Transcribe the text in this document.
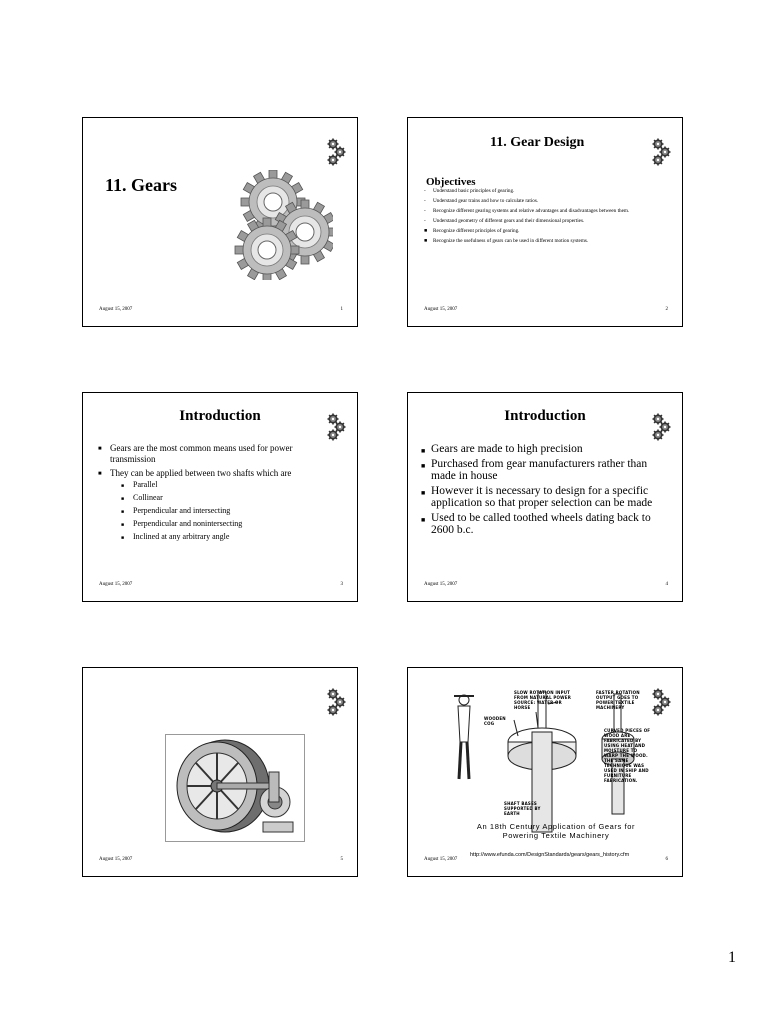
11. Gears
August 15, 2007	1
11. Gear Design
Objectives
- Understand basic principles of gearing.
- Understand gear trains and how to calculate ratios.
- Recognize different gearing systems and relative advantages and disadvantages between them.
- Understand geometry of different gears and their dimensional properties.
■ Recognize different principles of gearing.
■ Recognize the usefulness of gears can be used in different motion systems.
August 15, 2007	2
Introduction
■ Gears are the most common means used for power transmission
■ They can be applied between two shafts which are
■ Parallel
■ Collinear
■ Perpendicular and intersecting
■ Perpendicular and nonintersecting
■ Inclined at any arbitrary angle
August 15, 2007	3
Introduction
■ Gears are made to high precision
■ Purchased from gear manufacturers rather than made in house
■ However it is necessary to design for a specific application so that proper selection can be made
■ Used to be called toothed wheels dating back to 2600 b.c.
August 15, 2007	4
August 15, 2007	5
SLOW ROTATION INPUT FROM NATURAL POWER SOURCE: WATER OR HORSE
FASTER ROTATION OUTPUT GOES TO POWER TEXTILE MACHINERY
WOODEN COG
CURVED PIECES OF WOOD ARE FABRICATED BY USING HEAT AND MOISTURE TO WARP THE WOOD. THE SAME TECHNIQUE WAS USED IN SHIP AND FURNITURE FABRICATION.
SHAFT BASES SUPPORTED BY EARTH
An 18th Century Application of Gears for Powering Textile Machinery
http://www.efunda.com/DesignStandards/gears/gears_history.cfm
August 15, 2007	6
1
